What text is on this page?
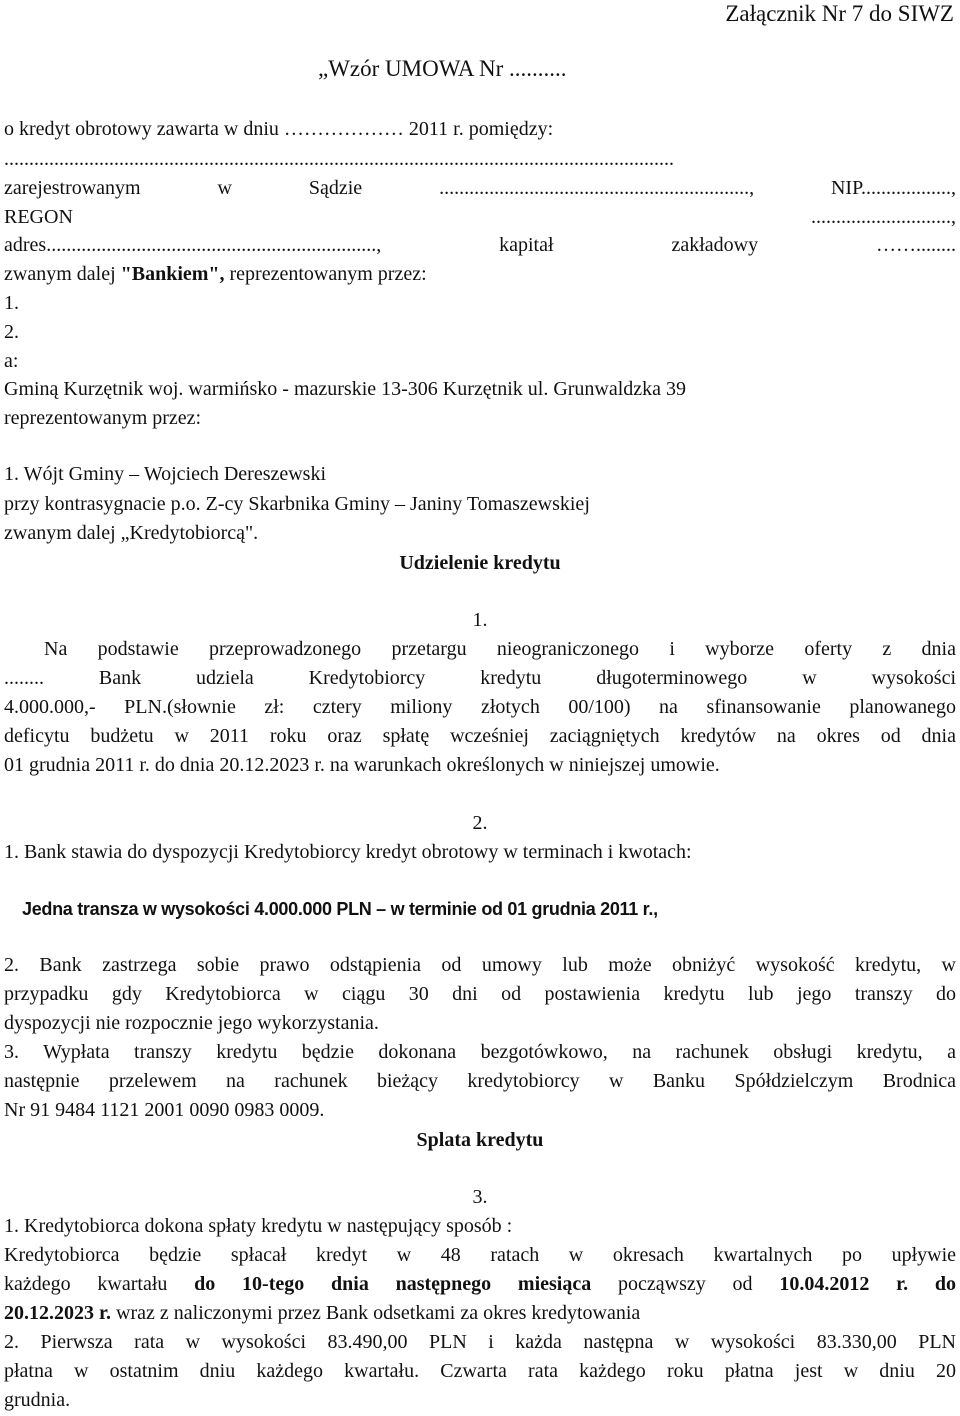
Załącznik Nr 7 do SIWZ
„Wzór UMOWA Nr ..........
o kredyt obrotowy zawarta w dniu ……………… 2011 r. pomiędzy:
......................................................................................................................................
zarejestrowanym w Sądzie .............................................................., NIP..................,
REGON	............................,
adres.................................................................., kapitał zakładowy ……........
zwanym dalej "Bankiem", reprezentowanym przez:
1.
2.
a:
Gminą Kurzętnik woj. warmińsko - mazurskie 13-306 Kurzętnik ul. Grunwaldzka 39
reprezentowanym przez:
1. Wójt Gminy – Wojciech Dereszewski
przy kontrasygnacie p.o. Z-cy Skarbnika Gminy – Janiny Tomaszewskiej
zwanym dalej „Kredytobiorcą".
Udzielenie kredytu
1.
Na podstawie przeprowadzonego przetargu nieograniczonego i wyborze oferty z dnia
........ Bank udziela Kredytobiorcy kredytu długoterminowego w wysokości
4.000.000,- PLN.(słownie zł: cztery miliony złotych 00/100) na sfinansowanie planowanego
deficytu budżetu w 2011 roku oraz spłatę wcześniej zaciągniętych kredytów na okres od dnia
01 grudnia 2011 r. do dnia 20.12.2023 r. na warunkach określonych w niniejszej umowie.
2.
1. Bank stawia do dyspozycji Kredytobiorcy kredyt obrotowy w terminach i kwotach:
Jedna transza w wysokości 4.000.000 PLN – w terminie od 01 grudnia 2011 r.,
2. Bank zastrzega sobie prawo odstąpienia od umowy lub może obniżyć wysokość kredytu, w
przypadku gdy Kredytobiorca w ciągu 30 dni od postawienia kredytu lub jego transzy do
dyspozycji nie rozpocznie jego wykorzystania.
3. Wypłata transzy kredytu będzie dokonana bezgotówkowo, na rachunek obsługi kredytu, a
następnie przelewem na rachunek bieżący kredytobiorcy w Banku Spółdzielczym Brodnica
Nr 91 9484 1121 2001 0090 0983 0009.
Splata kredytu
3.
1. Kredytobiorca dokona spłaty kredytu w następujący sposób :
Kredytobiorca będzie spłacał kredyt w 48 ratach w okresach kwartalnych po upływie
każdego kwartału do 10-tego dnia następnego miesiąca począwszy od 10.04.2012 r. do
20.12.2023 r. wraz z naliczonymi przez Bank odsetkami za okres kredytowania
2. Pierwsza rata w wysokości 83.490,00 PLN i każda następna w wysokości 83.330,00 PLN
płatna w ostatnim dniu każdego kwartału. Czwarta rata każdego roku płatna jest w dniu 20
grudnia.
